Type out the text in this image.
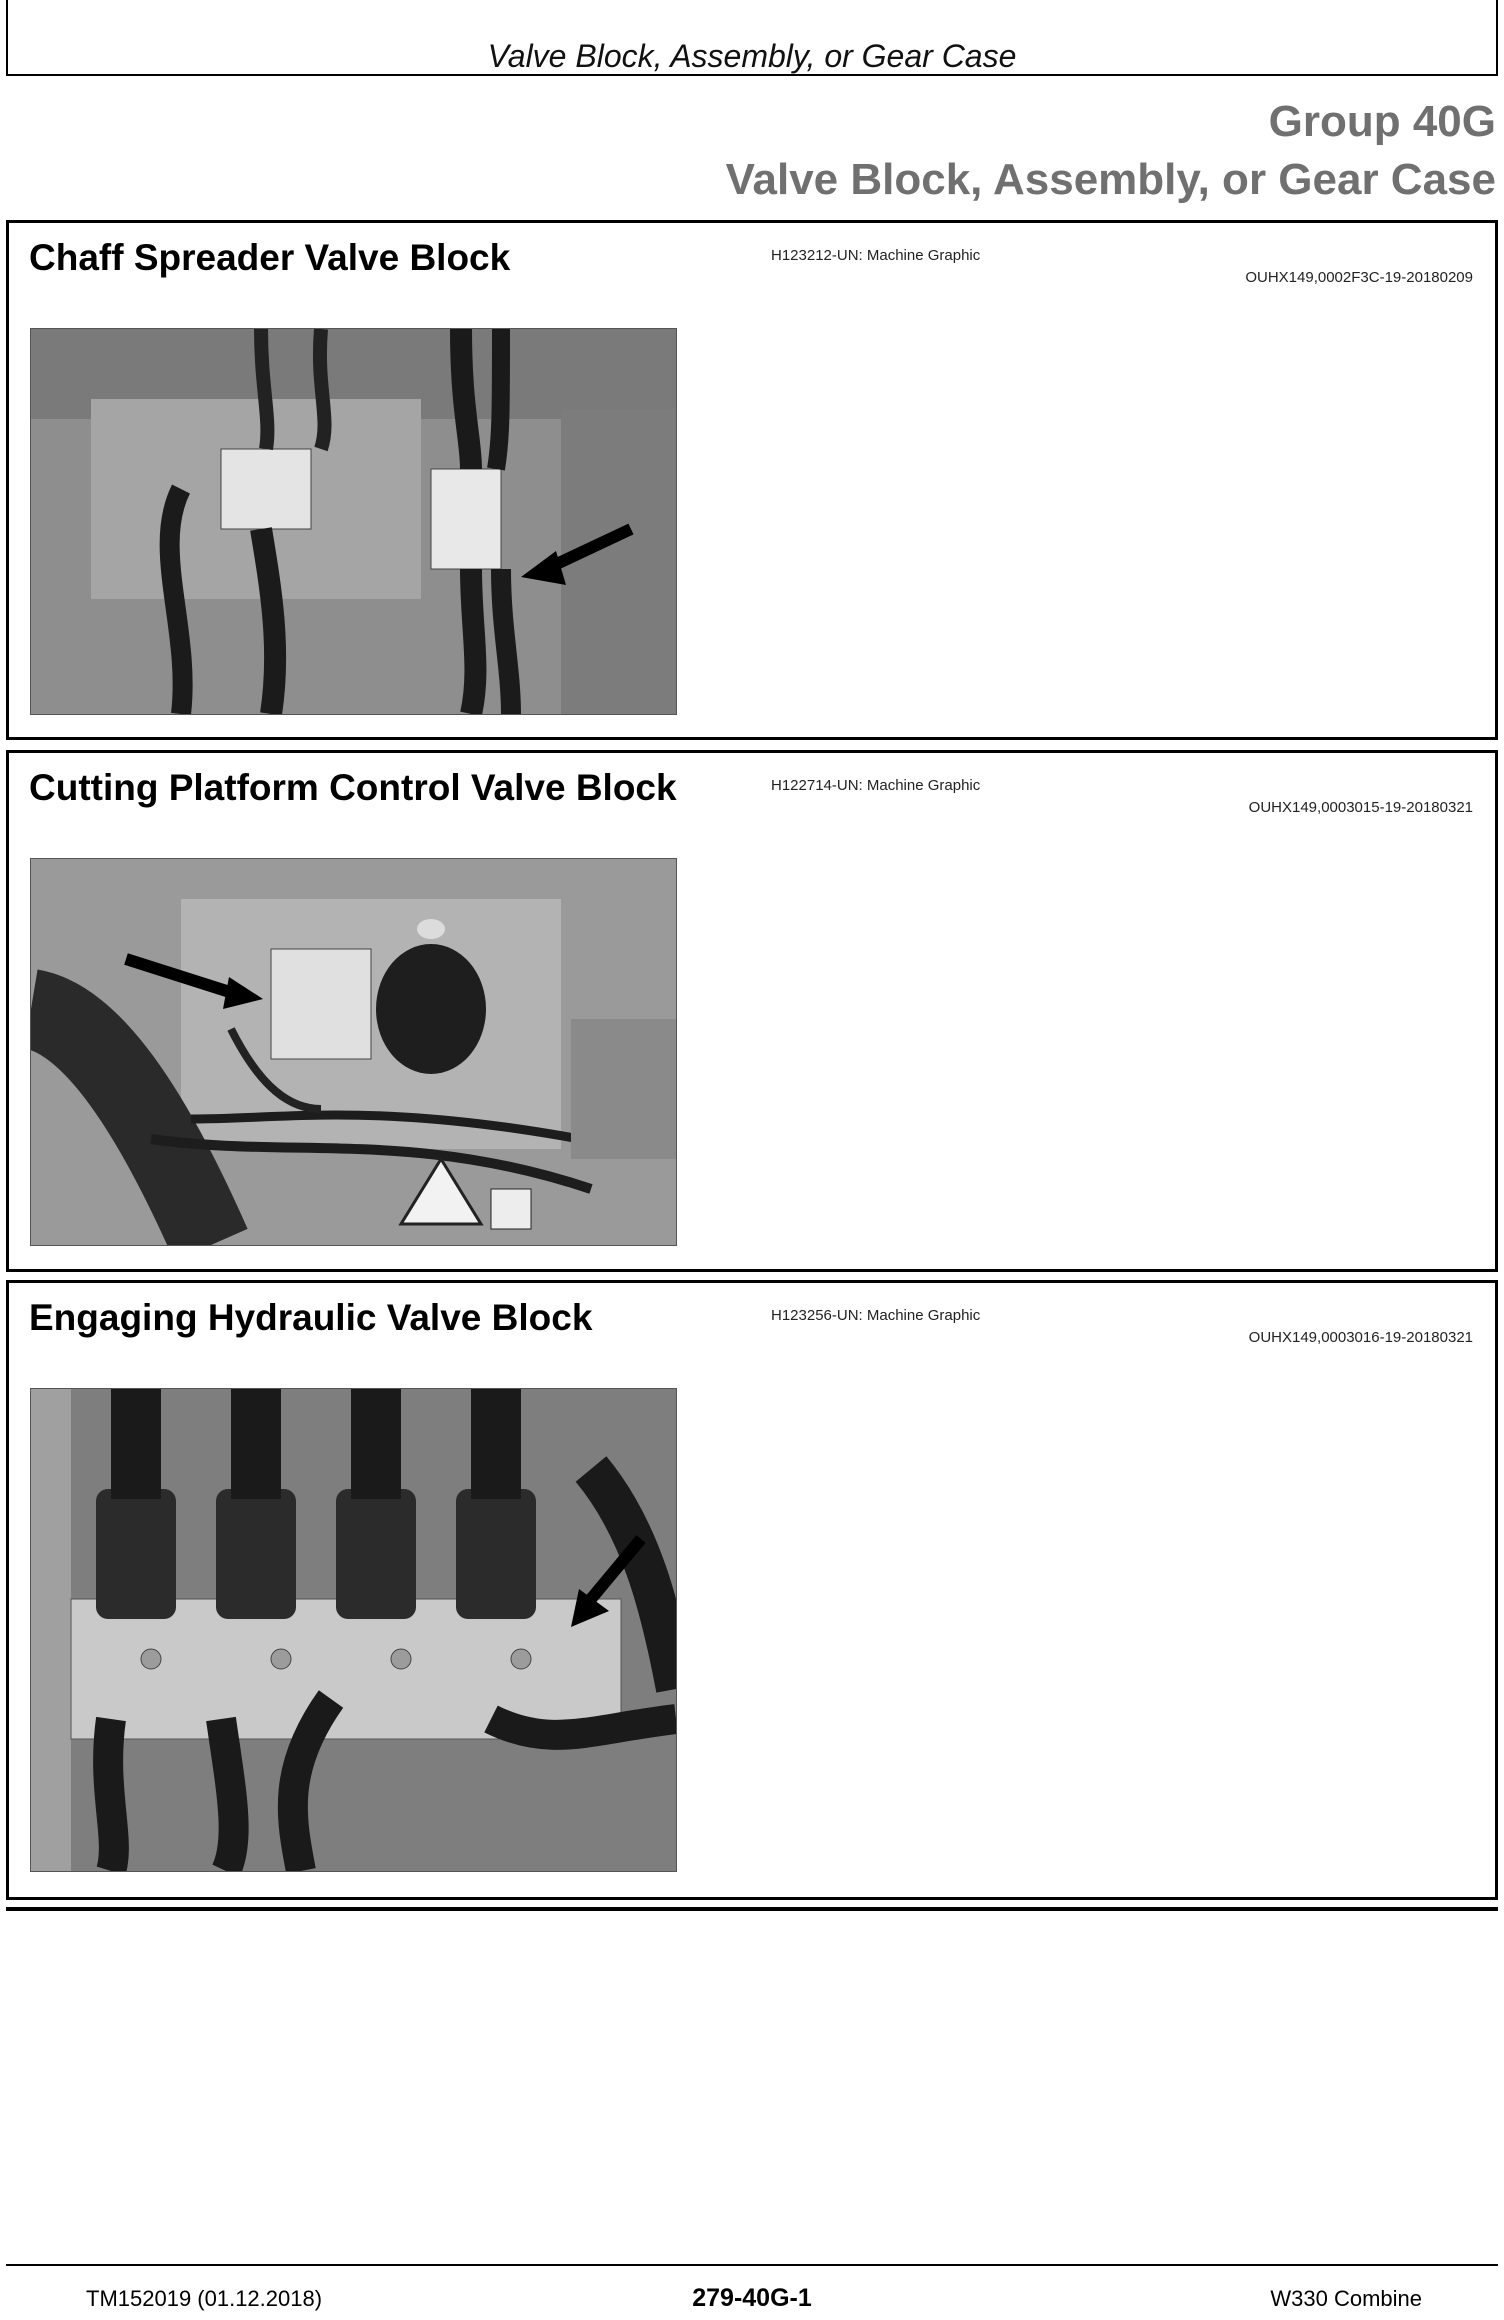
Valve Block, Assembly, or Gear Case
Group 40G
Valve Block, Assembly, or Gear Case
Chaff Spreader Valve Block	H123212-UN: Machine Graphic
OUHX149,0002F3C-19-20180209
Cutting Platform Control Valve Block	H122714-UN: Machine Graphic
OUHX149,0003015-19-20180321
Engaging Hydraulic Valve Block	H123256-UN: Machine Graphic
OUHX149,0003016-19-20180321
TM152019 (01.12.2018)	279-40G-1	W330 Combine
